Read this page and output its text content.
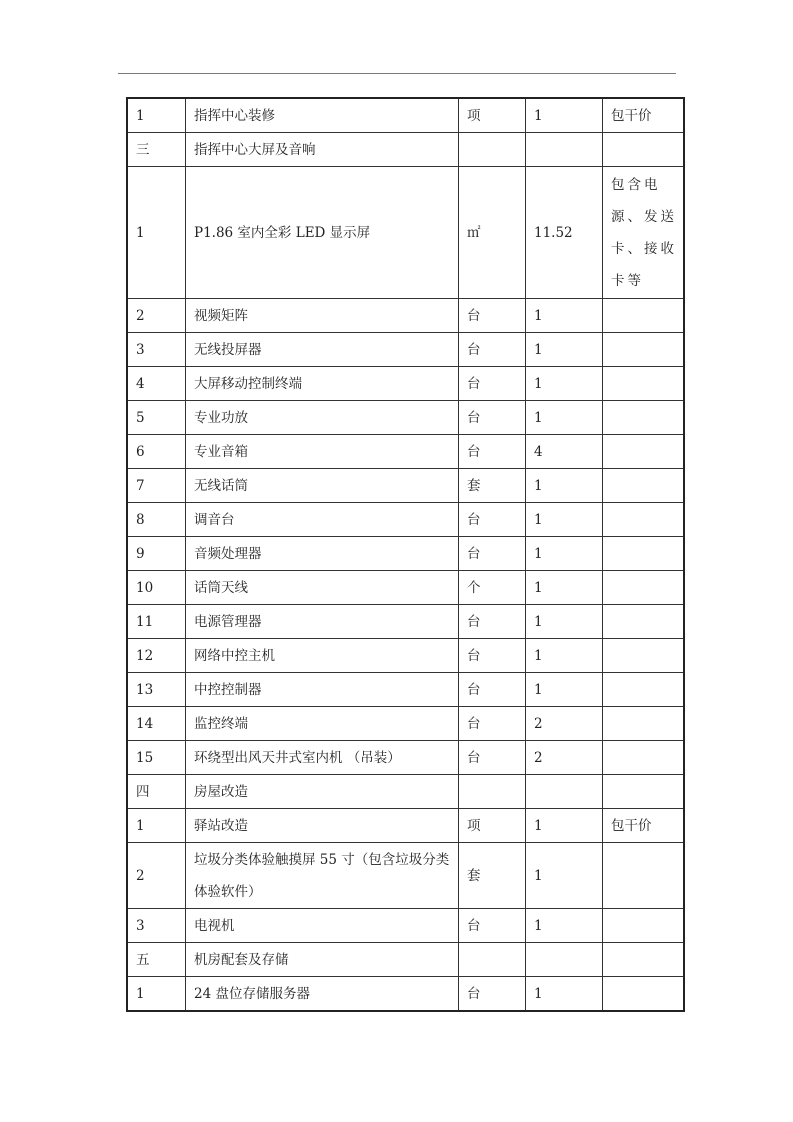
1	指挥中心装修	项	1	包干价
三	指挥中心大屏及音响			
1	P1.86 室内全彩 LED 显示屏	㎡	11.52	包含电源、发送卡、接收卡等
2	视频矩阵	台	1	
3	无线投屏器	台	1	
4	大屏移动控制终端	台	1	
5	专业功放	台	1	
6	专业音箱	台	4	
7	无线话筒	套	1	
8	调音台	台	1	
9	音频处理器	台	1	
10	话筒天线	个	1	
11	电源管理器	台	1	
12	网络中控主机	台	1	
13	中控控制器	台	1	
14	监控终端	台	2	
15	环绕型出风天井式室内机 （吊装）	台	2	
四	房屋改造			
1	驿站改造	项	1	包干价
2	垃圾分类体验触摸屏 55 寸（包含垃圾分类体验软件）	套	1	
3	电视机	台	1	
五	机房配套及存储			
1	24 盘位存储服务器	台	1	
